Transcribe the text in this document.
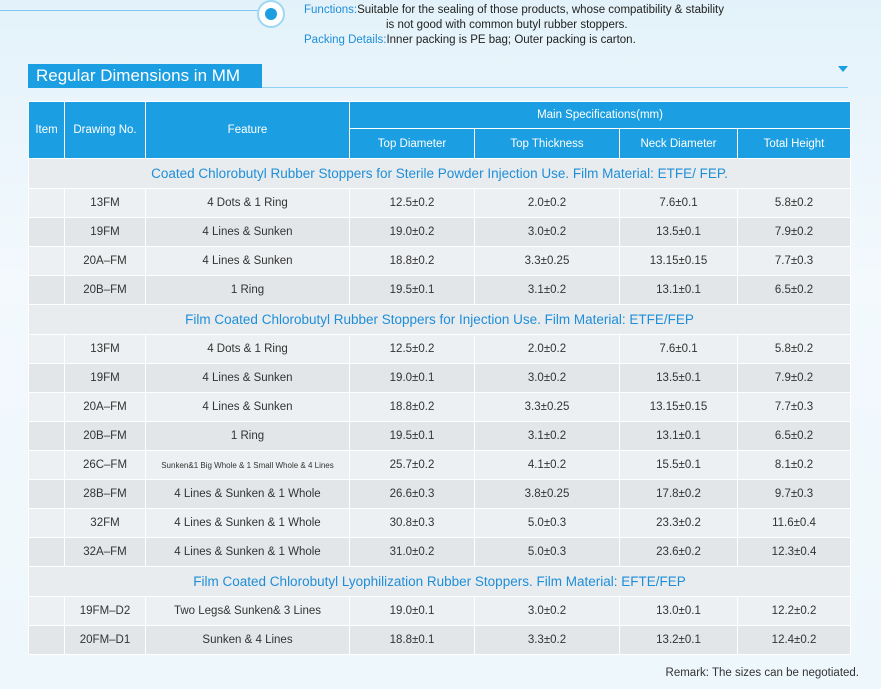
Functions:Suitable for the sealing of those products, whose compatibility & stability
is not good with common butyl rubber stoppers.
Packing Details:Inner packing is PE bag; Outer packing is carton.
Regular Dimensions in MM
Item	Drawing No.	Feature	Main Specifications(mm)			
			Top Diameter	Top Thickness	Neck Diameter	Total Height
Coated Chlorobutyl Rubber Stoppers for Sterile Powder Injection Use. Film Material: ETFE/ FEP.						
	13FM	4 Dots & 1 Ring	12.5±0.2	2.0±0.2	7.6±0.1	5.8±0.2
	19FM	4 Lines & Sunken	19.0±0.2	3.0±0.2	13.5±0.1	7.9±0.2
	20A–FM	4 Lines & Sunken	18.8±0.2	3.3±0.25	13.15±0.15	7.7±0.3
	20B–FM	1 Ring	19.5±0.1	3.1±0.2	13.1±0.1	6.5±0.2
Film Coated Chlorobutyl Rubber Stoppers for Injection Use. Film Material: ETFE/FEP						
	13FM	4 Dots & 1 Ring	12.5±0.2	2.0±0.2	7.6±0.1	5.8±0.2
	19FM	4 Lines & Sunken	19.0±0.1	3.0±0.2	13.5±0.1	7.9±0.2
	20A–FM	4 Lines & Sunken	18.8±0.2	3.3±0.25	13.15±0.15	7.7±0.3
	20B–FM	1 Ring	19.5±0.1	3.1±0.2	13.1±0.1	6.5±0.2
	26C–FM	Sunken&1 Big Whole & 1 Small Whole & 4 Lines	25.7±0.2	4.1±0.2	15.5±0.1	8.1±0.2
	28B–FM	4 Lines & Sunken & 1 Whole	26.6±0.3	3.8±0.25	17.8±0.2	9.7±0.3
	32FM	4 Lines & Sunken & 1 Whole	30.8±0.3	5.0±0.3	23.3±0.2	11.6±0.4
	32A–FM	4 Lines & Sunken & 1 Whole	31.0±0.2	5.0±0.3	23.6±0.2	12.3±0.4
Film Coated Chlorobutyl Lyophilization Rubber Stoppers. Film Material: EFTE/FEP						
	19FM–D2	Two Legs& Sunken& 3 Lines	19.0±0.1	3.0±0.2	13.0±0.1	12.2±0.2
	20FM–D1	Sunken & 4 Lines	18.8±0.1	3.3±0.2	13.2±0.1	12.4±0.2
Remark: The sizes can be negotiated.
